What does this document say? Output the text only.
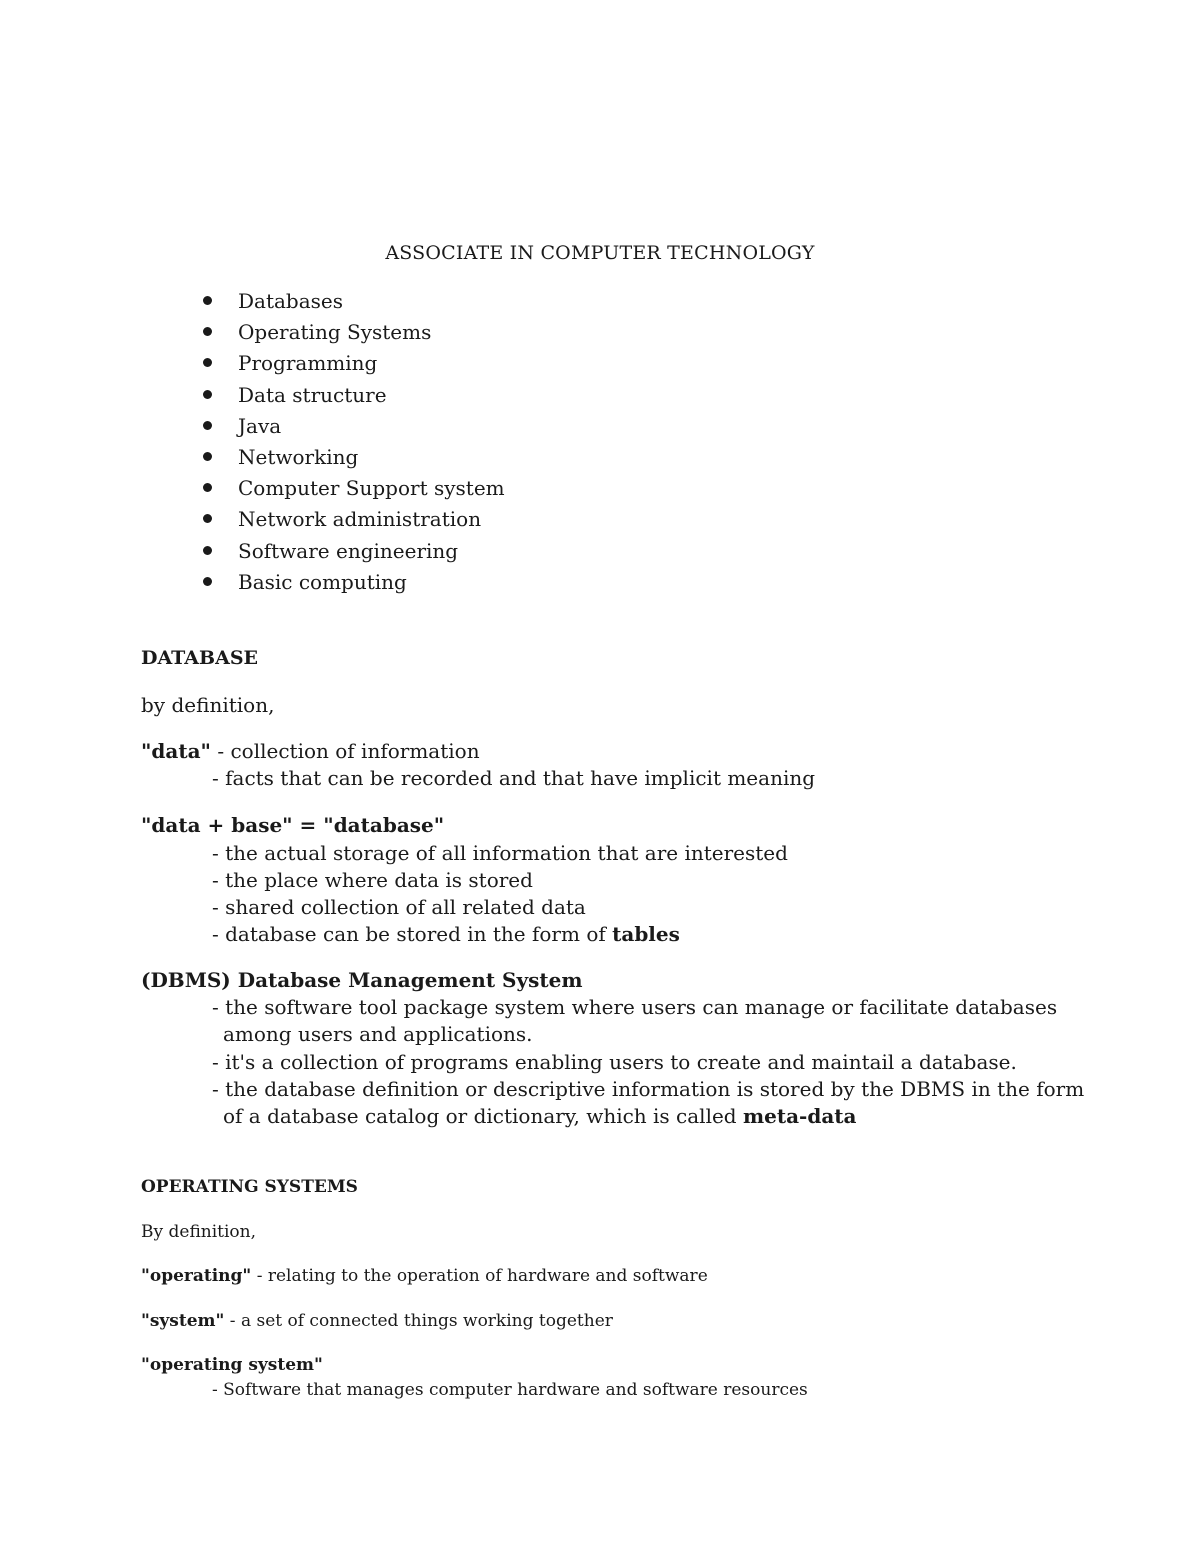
ASSOCIATE IN COMPUTER TECHNOLOGY
Databases
Operating Systems
Programming
Data structure
Java
Networking
Computer Support system
Network administration
Software engineering
Basic computing
DATABASE
by definition,
"data" - collection of information
- facts that can be recorded and that have implicit meaning
"data + base" = "database"
- the actual storage of all information that are interested
- the place where data is stored
- shared collection of all related data
- database can be stored in the form of tables
(DBMS) Database Management System
- the software tool package system where users can manage or facilitate databases
among users and applications.
- it's a collection of programs enabling users to create and maintail a database.
- the database definition or descriptive information is stored by the DBMS in the form
of a database catalog or dictionary, which is called meta-data
OPERATING SYSTEMS
By definition,
"operating" - relating to the operation of hardware and software
"system" - a set of connected things working together
"operating system"
- Software that manages computer hardware and software resources
